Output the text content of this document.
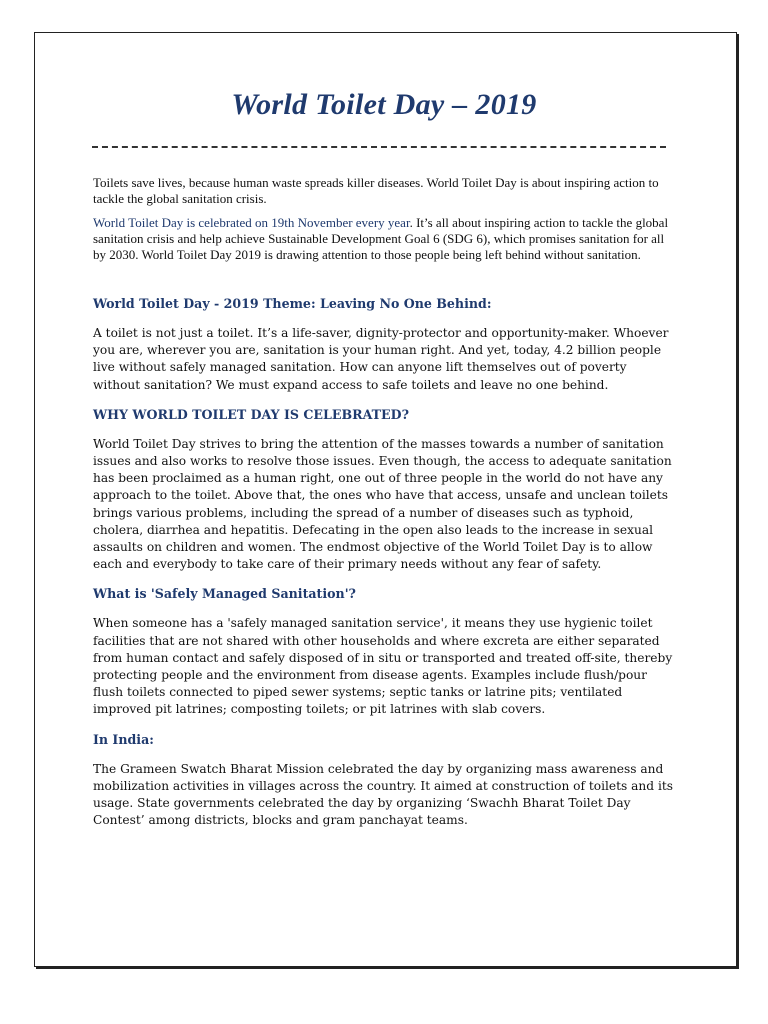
World Toilet Day – 2019

Toilets save lives, because human waste spreads killer diseases. World Toilet Day is about inspiring action to tackle the global sanitation crisis.

World Toilet Day is celebrated on 19th November every year. It’s all about inspiring action to tackle the global sanitation crisis and help achieve Sustainable Development Goal 6 (SDG 6), which promises sanitation for all by 2030. World Toilet Day 2019 is drawing attention to those people being left behind without sanitation.

World Toilet Day - 2019 Theme: Leaving No One Behind:

A toilet is not just a toilet. It’s a life-saver, dignity-protector and opportunity-maker. Whoever you are, wherever you are, sanitation is your human right. And yet, today, 4.2 billion people live without safely managed sanitation. How can anyone lift themselves out of poverty without sanitation? We must expand access to safe toilets and leave no one behind.

WHY WORLD TOILET DAY IS CELEBRATED?

World Toilet Day strives to bring the attention of the masses towards a number of sanitation issues and also works to resolve those issues. Even though, the access to adequate sanitation has been proclaimed as a human right, one out of three people in the world do not have any approach to the toilet. Above that, the ones who have that access, unsafe and unclean toilets brings various problems, including the spread of a number of diseases such as typhoid, cholera, diarrhea and hepatitis. Defecating in the open also leads to the increase in sexual assaults on children and women. The endmost objective of the World Toilet Day is to allow each and everybody to take care of their primary needs without any fear of safety.

What is 'Safely Managed Sanitation'?

When someone has a 'safely managed sanitation service', it means they use hygienic toilet facilities that are not shared with other households and where excreta are either separated from human contact and safely disposed of in situ or transported and treated off-site, thereby protecting people and the environment from disease agents. Examples include flush/pour flush toilets connected to piped sewer systems; septic tanks or latrine pits; ventilated improved pit latrines; composting toilets; or pit latrines with slab covers.

In India:

The Grameen Swatch Bharat Mission celebrated the day by organizing mass awareness and mobilization activities in villages across the country. It aimed at construction of toilets and its usage. State governments celebrated the day by organizing ‘Swachh Bharat Toilet Day Contest’ among districts, blocks and gram panchayat teams.
